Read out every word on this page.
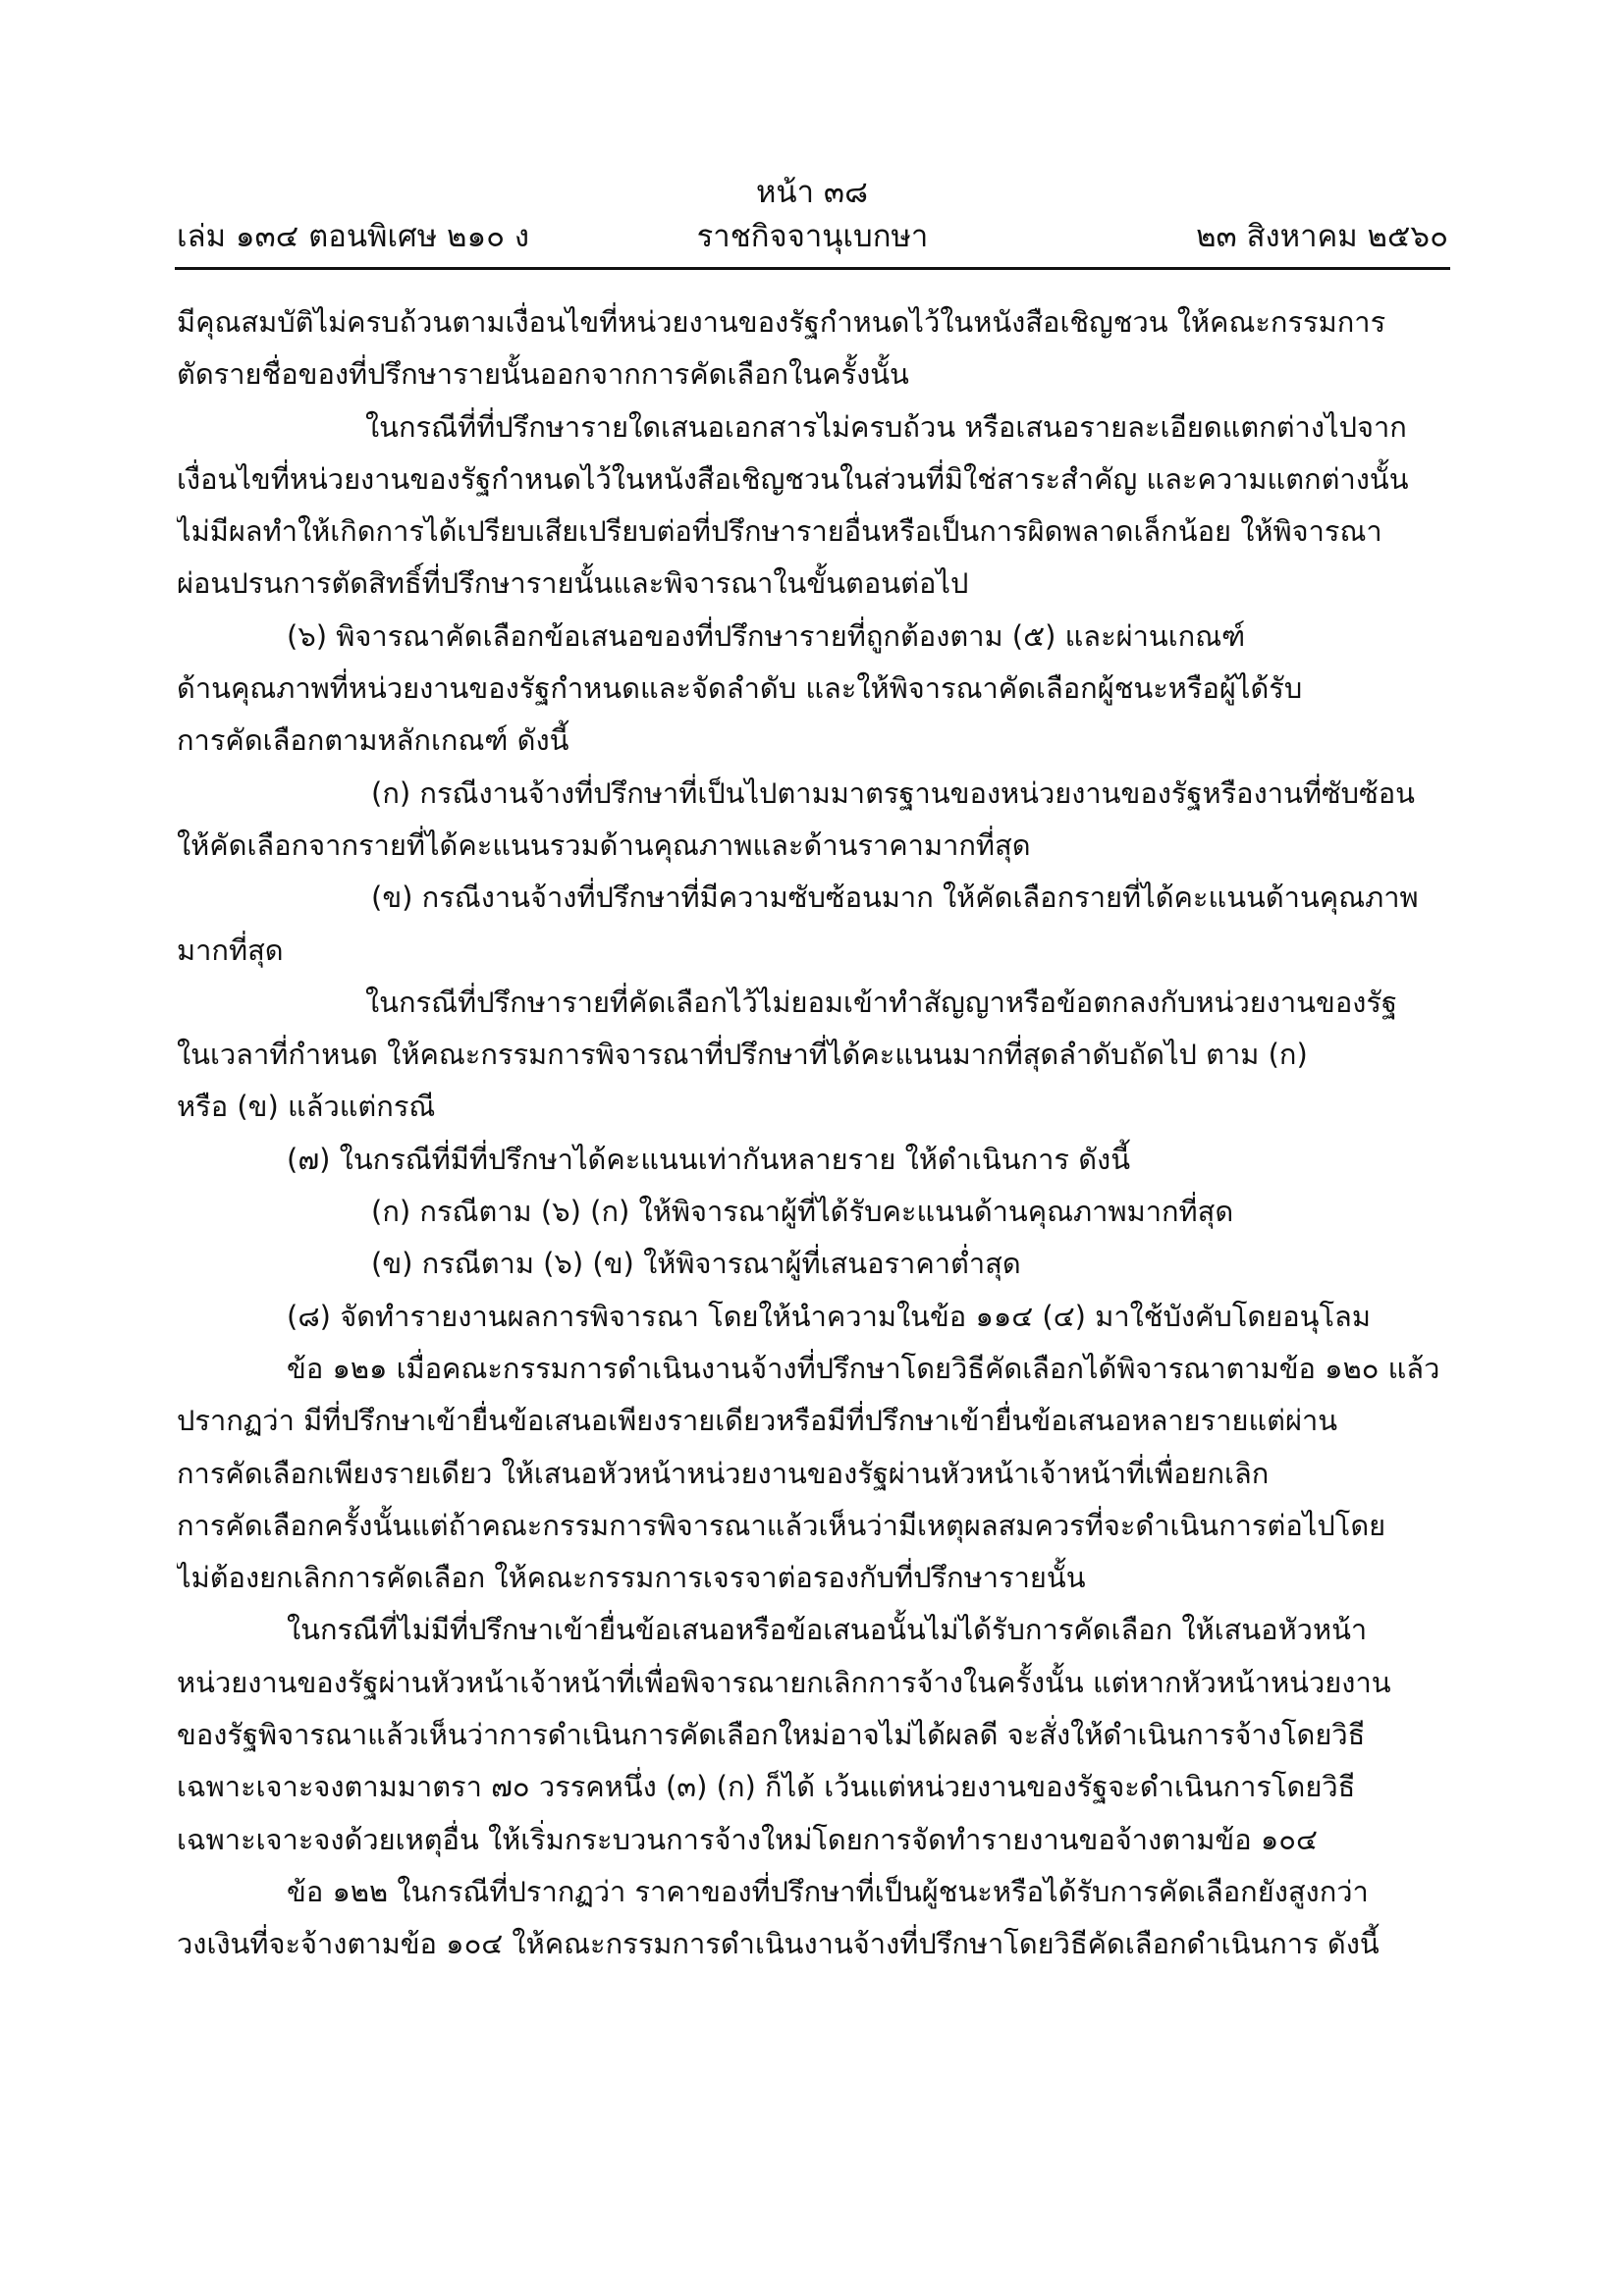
หน้า ๓๘
เล่ม ๑๓๔ ตอนพิเศษ ๒๑๐ ง	ราชกิจจานุเบกษา	๒๓ สิงหาคม ๒๕๖๐
มีคุณสมบัติไม่ครบถ้วนตามเงื่อนไขที่หน่วยงานของรัฐกำหนดไว้ในหนังสือเชิญชวน ให้คณะกรรมการ
ตัดรายชื่อของที่ปรึกษารายนั้นออกจากการคัดเลือกในครั้งนั้น
ในกรณีที่ที่ปรึกษารายใดเสนอเอกสารไม่ครบถ้วน หรือเสนอรายละเอียดแตกต่างไปจาก
เงื่อนไขที่หน่วยงานของรัฐกำหนดไว้ในหนังสือเชิญชวนในส่วนที่มิใช่สาระสำคัญ และความแตกต่างนั้น
ไม่มีผลทำให้เกิดการได้เปรียบเสียเปรียบต่อที่ปรึกษารายอื่นหรือเป็นการผิดพลาดเล็กน้อย ให้พิจารณา
ผ่อนปรนการตัดสิทธิ์ที่ปรึกษารายนั้นและพิจารณาในขั้นตอนต่อไป
(๖) พิจารณาคัดเลือกข้อเสนอของที่ปรึกษารายที่ถูกต้องตาม (๕) และผ่านเกณฑ์
ด้านคุณภาพที่หน่วยงานของรัฐกำหนดและจัดลำดับ และให้พิจารณาคัดเลือกผู้ชนะหรือผู้ได้รับ
การคัดเลือกตามหลักเกณฑ์ ดังนี้
(ก) กรณีงานจ้างที่ปรึกษาที่เป็นไปตามมาตรฐานของหน่วยงานของรัฐหรืองานที่ซับซ้อน
ให้คัดเลือกจากรายที่ได้คะแนนรวมด้านคุณภาพและด้านราคามากที่สุด
(ข) กรณีงานจ้างที่ปรึกษาที่มีความซับซ้อนมาก ให้คัดเลือกรายที่ได้คะแนนด้านคุณภาพ
มากที่สุด
ในกรณีที่ปรึกษารายที่คัดเลือกไว้ไม่ยอมเข้าทำสัญญาหรือข้อตกลงกับหน่วยงานของรัฐ
ในเวลาที่กำหนด ให้คณะกรรมการพิจารณาที่ปรึกษาที่ได้คะแนนมากที่สุดลำดับถัดไป ตาม (ก)
หรือ (ข) แล้วแต่กรณี
(๗) ในกรณีที่มีที่ปรึกษาได้คะแนนเท่ากันหลายราย ให้ดำเนินการ ดังนี้
(ก) กรณีตาม (๖) (ก) ให้พิจารณาผู้ที่ได้รับคะแนนด้านคุณภาพมากที่สุด
(ข) กรณีตาม (๖) (ข) ให้พิจารณาผู้ที่เสนอราคาต่ำสุด
(๘) จัดทำรายงานผลการพิจารณา โดยให้นำความในข้อ ๑๑๔ (๔) มาใช้บังคับโดยอนุโลม
ข้อ ๑๒๑ เมื่อคณะกรรมการดำเนินงานจ้างที่ปรึกษาโดยวิธีคัดเลือกได้พิจารณาตามข้อ ๑๒๐ แล้ว
ปรากฏว่า มีที่ปรึกษาเข้ายื่นข้อเสนอเพียงรายเดียวหรือมีที่ปรึกษาเข้ายื่นข้อเสนอหลายรายแต่ผ่าน
การคัดเลือกเพียงรายเดียว ให้เสนอหัวหน้าหน่วยงานของรัฐผ่านหัวหน้าเจ้าหน้าที่เพื่อยกเลิก
การคัดเลือกครั้งนั้นแต่ถ้าคณะกรรมการพิจารณาแล้วเห็นว่ามีเหตุผลสมควรที่จะดำเนินการต่อไปโดย
ไม่ต้องยกเลิกการคัดเลือก ให้คณะกรรมการเจรจาต่อรองกับที่ปรึกษารายนั้น
ในกรณีที่ไม่มีที่ปรึกษาเข้ายื่นข้อเสนอหรือข้อเสนอนั้นไม่ได้รับการคัดเลือก ให้เสนอหัวหน้า
หน่วยงานของรัฐผ่านหัวหน้าเจ้าหน้าที่เพื่อพิจารณายกเลิกการจ้างในครั้งนั้น แต่หากหัวหน้าหน่วยงาน
ของรัฐพิจารณาแล้วเห็นว่าการดำเนินการคัดเลือกใหม่อาจไม่ได้ผลดี จะสั่งให้ดำเนินการจ้างโดยวิธี
เฉพาะเจาะจงตามมาตรา ๗๐ วรรคหนึ่ง (๓) (ก) ก็ได้ เว้นแต่หน่วยงานของรัฐจะดำเนินการโดยวิธี
เฉพาะเจาะจงด้วยเหตุอื่น ให้เริ่มกระบวนการจ้างใหม่โดยการจัดทำรายงานขอจ้างตามข้อ ๑๐๔
ข้อ ๑๒๒ ในกรณีที่ปรากฏว่า ราคาของที่ปรึกษาที่เป็นผู้ชนะหรือได้รับการคัดเลือกยังสูงกว่า
วงเงินที่จะจ้างตามข้อ ๑๐๔ ให้คณะกรรมการดำเนินงานจ้างที่ปรึกษาโดยวิธีคัดเลือกดำเนินการ ดังนี้
